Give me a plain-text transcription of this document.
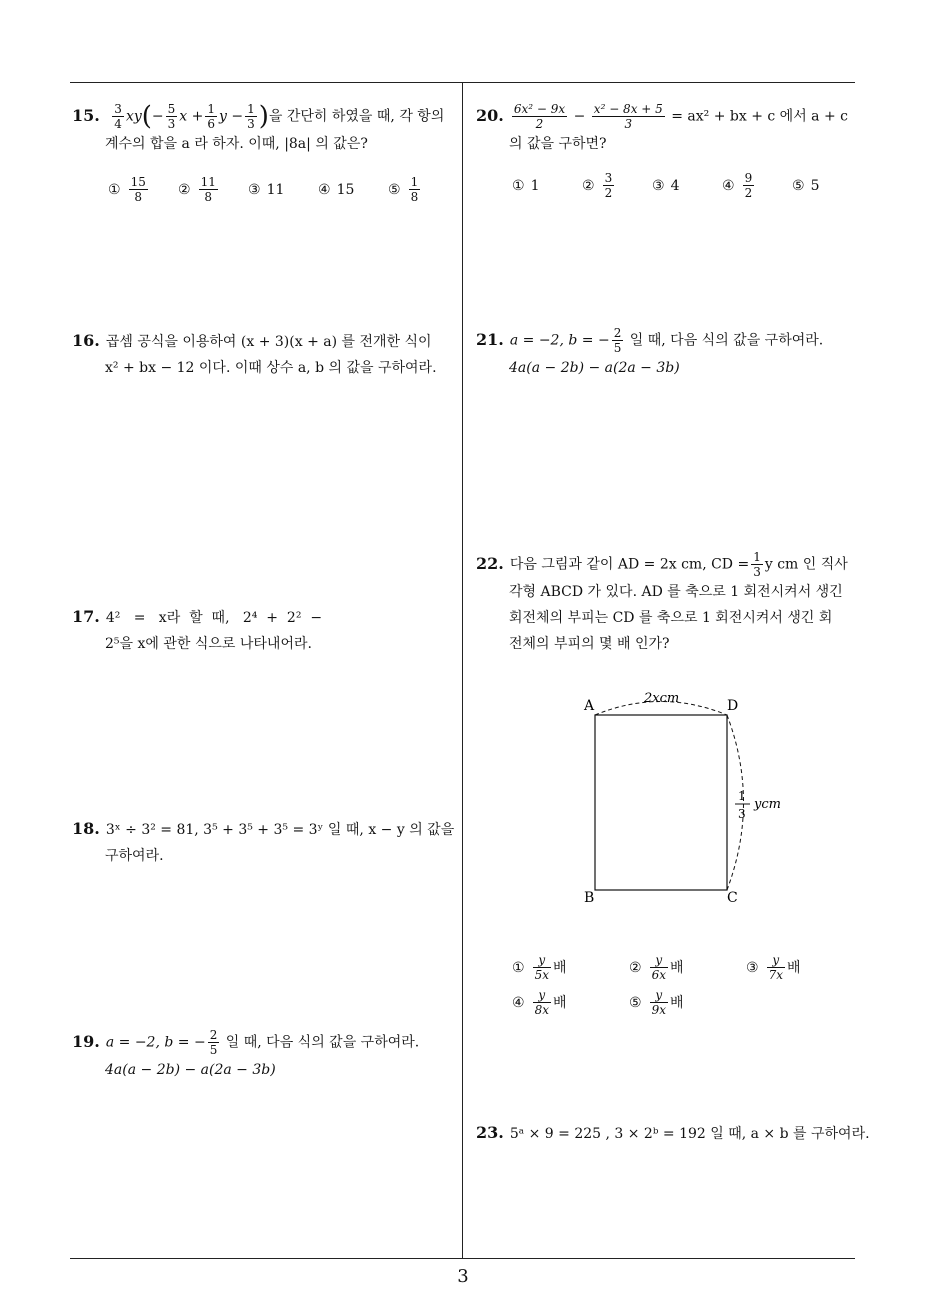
15. $\frac{3}{4} xy(- \frac{5}{3}$ $x + \frac{1}{6}$ $y - \frac{1}{3}$ )을 간단히 하였을 때, 각 항의
계수의 합을 a 라 하자. 이때, |8a| 의 값은?
① $\frac{15}{8}$ ② $\frac{11}{8}$ ③ 11 ④ 15 ⑤ $\frac{1}{8}$
16. 곱셈 공식을 이용하여 (x + 3)(x + a) 를 전개한 식이
x² + bx − 12 이다. 이때 상수 a, b 의 값을 구하여라.
17. 4²   =   x라  할  때,   2⁴  +  2²  −
2⁵을 x에 관한 식으로 나타내어라.
18. 3ˣ ÷ 3² = 81, 3⁵ + 3⁵ + 3⁵ = 3ʸ 일 때, x − y 의 값을
구하여라.
19. a = −2, b = − $\frac{2}{5}$ 일 때, 다음 식의 값을 구하여라.
4a(a − 2b) − a(2a − 3b)
20. $\frac{\text{6x² − 9x}}{2} - \frac{\text{x² − 8x + 5}}{3} = ax^2$ + bx + c 에서 a + c
의 값을 구하면?
① 1	② $\frac{3}{2}$	③ 4	④ $\frac{9}{2}$	⑤ 5
21. a = −2, b = − $\frac{2}{5}$ 일 때, 다음 식의 값을 구하여라.
4a(a − 2b) − a(2a − 3b)
22. 다음 그림과 같이 AD = 2x cm, CD = $\frac{1}{3}$ y cm 인 직사
각형 ABCD 가 있다. AD 를 축으로 1 회전시켜서 생긴
회전체의 부피는 CD 를 축으로 1 회전시켜서 생긴 회
전체의 부피의 몇 배 인가?
A	D
B	C
2xcm
1
3
ycm
① $\frac{y}{5x}$ 배	② $\frac{y}{6x}$ 배	③ $\frac{y}{7x}$ 배
④ $\frac{y}{8x}$ 배	⑤ $\frac{y}{9x}$ 배
23. 5ᵃ × 9 = 225 , 3 × 2ᵇ = 192 일 때, a × b 를 구하여라.
3
